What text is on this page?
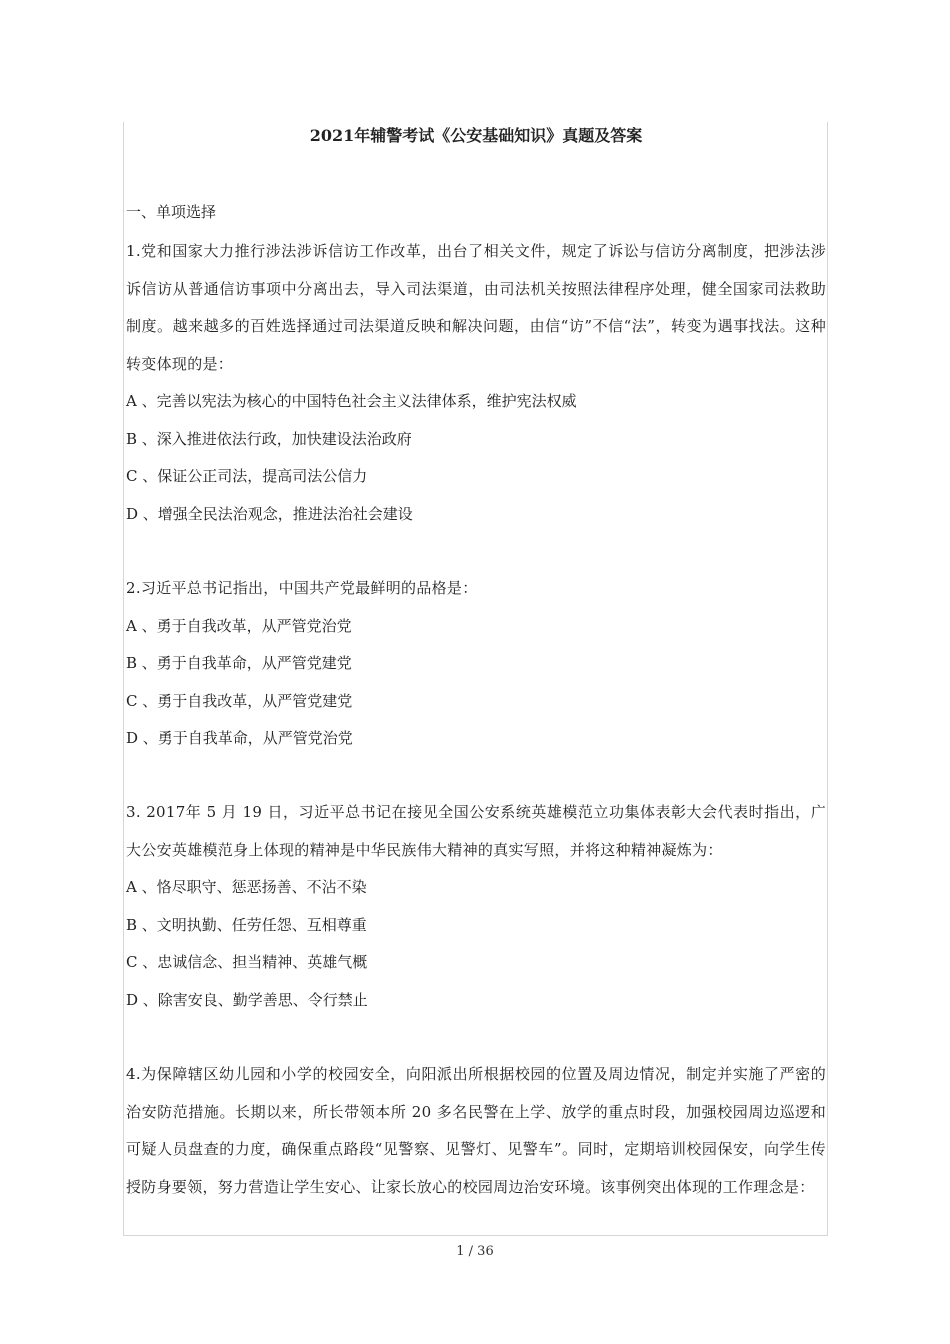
2021年辅警考试《公安基础知识》真题及答案

一、单项选择

1.党和国家大力推行涉法涉诉信访工作改革，出台了相关文件，规定了诉讼与信访分离制度，把涉法涉诉信访从普通信访事项中分离出去，导入司法渠道，由司法机关按照法律程序处理，健全国家司法救助制度。越来越多的百姓选择通过司法渠道反映和解决问题，由信“访”不信“法”，转变为遇事找法。这种转变体现的是：

A 、完善以宪法为核心的中国特色社会主义法律体系，维护宪法权威

B 、深入推进依法行政，加快建设法治政府

C 、保证公正司法，提高司法公信力

D 、增强全民法治观念，推进法治社会建设

2.习近平总书记指出，中国共产党最鲜明的品格是：

A 、勇于自我改革，从严管党治党

B 、勇于自我革命，从严管党建党

C 、勇于自我改革，从严管党建党

D 、勇于自我革命，从严管党治党

3. 2017年 5 月 19 日，习近平总书记在接见全国公安系统英雄模范立功集体表彰大会代表时指出，广大公安英雄模范身上体现的精神是中华民族伟大精神的真实写照，并将这种精神凝炼为：

A 、恪尽职守、惩恶扬善、不沾不染

B 、文明执勤、任劳任怨、互相尊重

C 、忠诚信念、担当精神、英雄气概

D 、除害安良、勤学善思、令行禁止

4.为保障辖区幼儿园和小学的校园安全，向阳派出所根据校园的位置及周边情况，制定并实施了严密的治安防范措施。长期以来，所长带领本所 20 多名民警在上学、放学的重点时段，加强校园周边巡逻和可疑人员盘查的力度，确保重点路段“见警察、见警灯、见警车”。同时，定期培训校园保安，向学生传授防身要领，努力营造让学生安心、让家长放心的校园周边治安环境。该事例突出体现的工作理念是：

1 / 36
